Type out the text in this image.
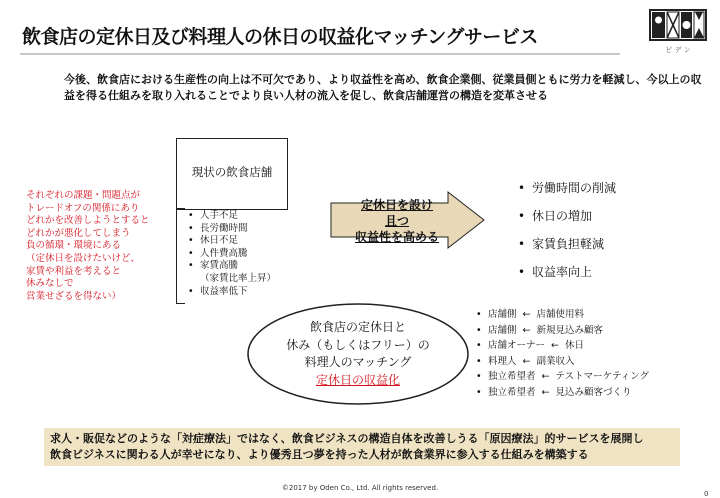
飲食店の定休日及び料理人の休日の収益化マッチングサービス
ビ デ ン
今後、飲食店における生産性の向上は不可欠であり、より収益性を高め、飲食企業側、従業員側ともに労力を軽減し、今以上の収益を得る仕組みを取り入れることでより良い人材の流入を促し、飲食店舗運営の構造を変革させる
現状の飲食店舗
• 人手不足
• 長労働時間
• 休日不足
• 人件費高騰
• 家賃高騰
（家賃比率上昇）
• 収益率低下
それぞれの課題・問題点が
トレードオフの関係にあり
どれかを改善しようとすると
どれかが悪化してしまう
負の循環・環境にある
（定休日を設けたいけど、
家賃や利益を考えると
休みなしで
営業せざるを得ない）
定休日を設け
且つ
収益性を高める
• 労働時間の削減
• 休日の増加
• 家賃負担軽減
• 収益率向上
飲食店の定休日と
休み（もしくはフリー）の
料理人のマッチング
定休日の収益化
• 店舗側 ← 店舗使用料
• 店舗側 ← 新規見込み顧客
• 店舗オーナー ← 休日
• 料理人 ← 副業収入
• 独立希望者 ← テストマーケティング
• 独立希望者 ← 見込み顧客づくり
求人・販促などのような「対症療法」ではなく、飲食ビジネスの構造自体を改善しうる「原因療法」的サービスを展開し
飲食ビジネスに関わる人が幸せになり、より優秀且つ夢を持った人材が飲食業界に参入する仕組みを構築する
©2017 by Oden Co., Ltd. All rights reserved.
0
